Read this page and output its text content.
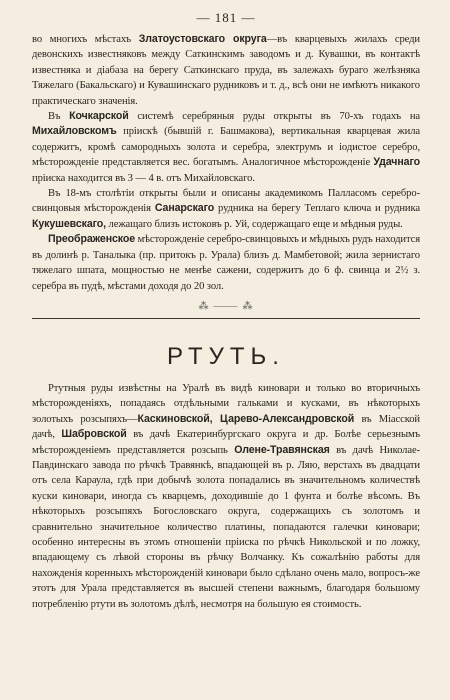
— 181 —

во многихъ мѣстахъ Златоустовскаго округа—въ кварцевыхъ жилахъ среди девонскихъ известняковъ между Саткинскимъ заводомъ и д. Кувашки, въ контактѣ известняка и діабаза на берегу Саткинскаго пруда, въ залежахъ бураго желѣзняка Тяжелаго (Бакальскаго) и Кувашинскаго рудниковъ и т. д., всѣ они не имѣютъ никакого практическаго значенія.

Въ Кочкарской системѣ серебряныя руды открыты въ 70-хъ годахъ на Михайловскомъ пріискѣ (бывшій г. Башмакова), вертикальная кварцевая жила содержитъ, кромѣ самородныхъ золота и серебра, электрумъ и іодистое серебро, мѣсторожденіе представляется вес. богатымъ. Аналогичное мѣсторожденіе Удачнаго пріиска находится въ 3 — 4 в. отъ Михайловскаго.

Въ 18-мъ столѣтіи открыты были и описаны академикомъ Палласомъ серебро-свинцовыя мѣсторожденія Санарскаго рудника на берегу Теплаго ключа и рудника Кукушевскаго, лежащаго близъ истоковъ р. Уй, содержащаго еще и мѣдныя руды.

Преображенское мѣсторожденіе серебро-свинцовыхъ и мѣдныхъ рудъ находится въ долинѣ р. Таналыка (пр. притокъ р. Урала) близъ д. Мамбетовой; жила зернистаго тяжелаго шпата, мощностью не менѣе сажени, содержитъ до 6 ф. свинца и 2½ з. серебра въ пудѣ, мѣстами доходя до 20 зол.

⁂ ⸻ ⁂
РТУТЬ.

Ртутныя руды извѣстны на Уралѣ въ видѣ киновари и только во вторичныхъ мѣсторожденіяхъ, попадаясь отдѣльными гальками и кусками, въ нѣкоторыхъ золотыхъ розсыпяхъ—Каскиновской, Царево-Александровской въ Міасской дачѣ, Шабровской въ дачѣ Екатеринбургскаго округа и др. Болѣе серьезнымъ мѣсторожденіемъ представляется розсыпь Олене-Травянская въ дачѣ Николае-Павдинскаго завода по рѣчкѣ Травянкѣ, впадающей въ р. Ляю, верстахъ въ двадцати отъ села Караула, гдѣ при добычѣ золота попадались въ значительномъ количествѣ куски киновари, иногда съ кварцемъ, доходившіе до 1 фунта и болѣе вѣсомъ. Въ нѣкоторыхъ розсыпяхъ Богословскаго округа, содержащихъ съ золотомъ и сравнительно значительное количество платины, попадаются галечки киновари; особенно интересны въ этомъ отношеніи пріиска по рѣчкѣ Никольской и по ложку, впадающему съ лѣвой стороны въ рѣчку Волчанку. Къ сожалѣнію работы для нахожденія коренныхъ мѣсторожденій киновари было сдѣлано очень мало, вопросъ-же этотъ для Урала представляется въ высшей степени важнымъ, благодаря большому потребленію ртути въ золотомъ дѣлѣ, несмотря на большую ея стоимость.
